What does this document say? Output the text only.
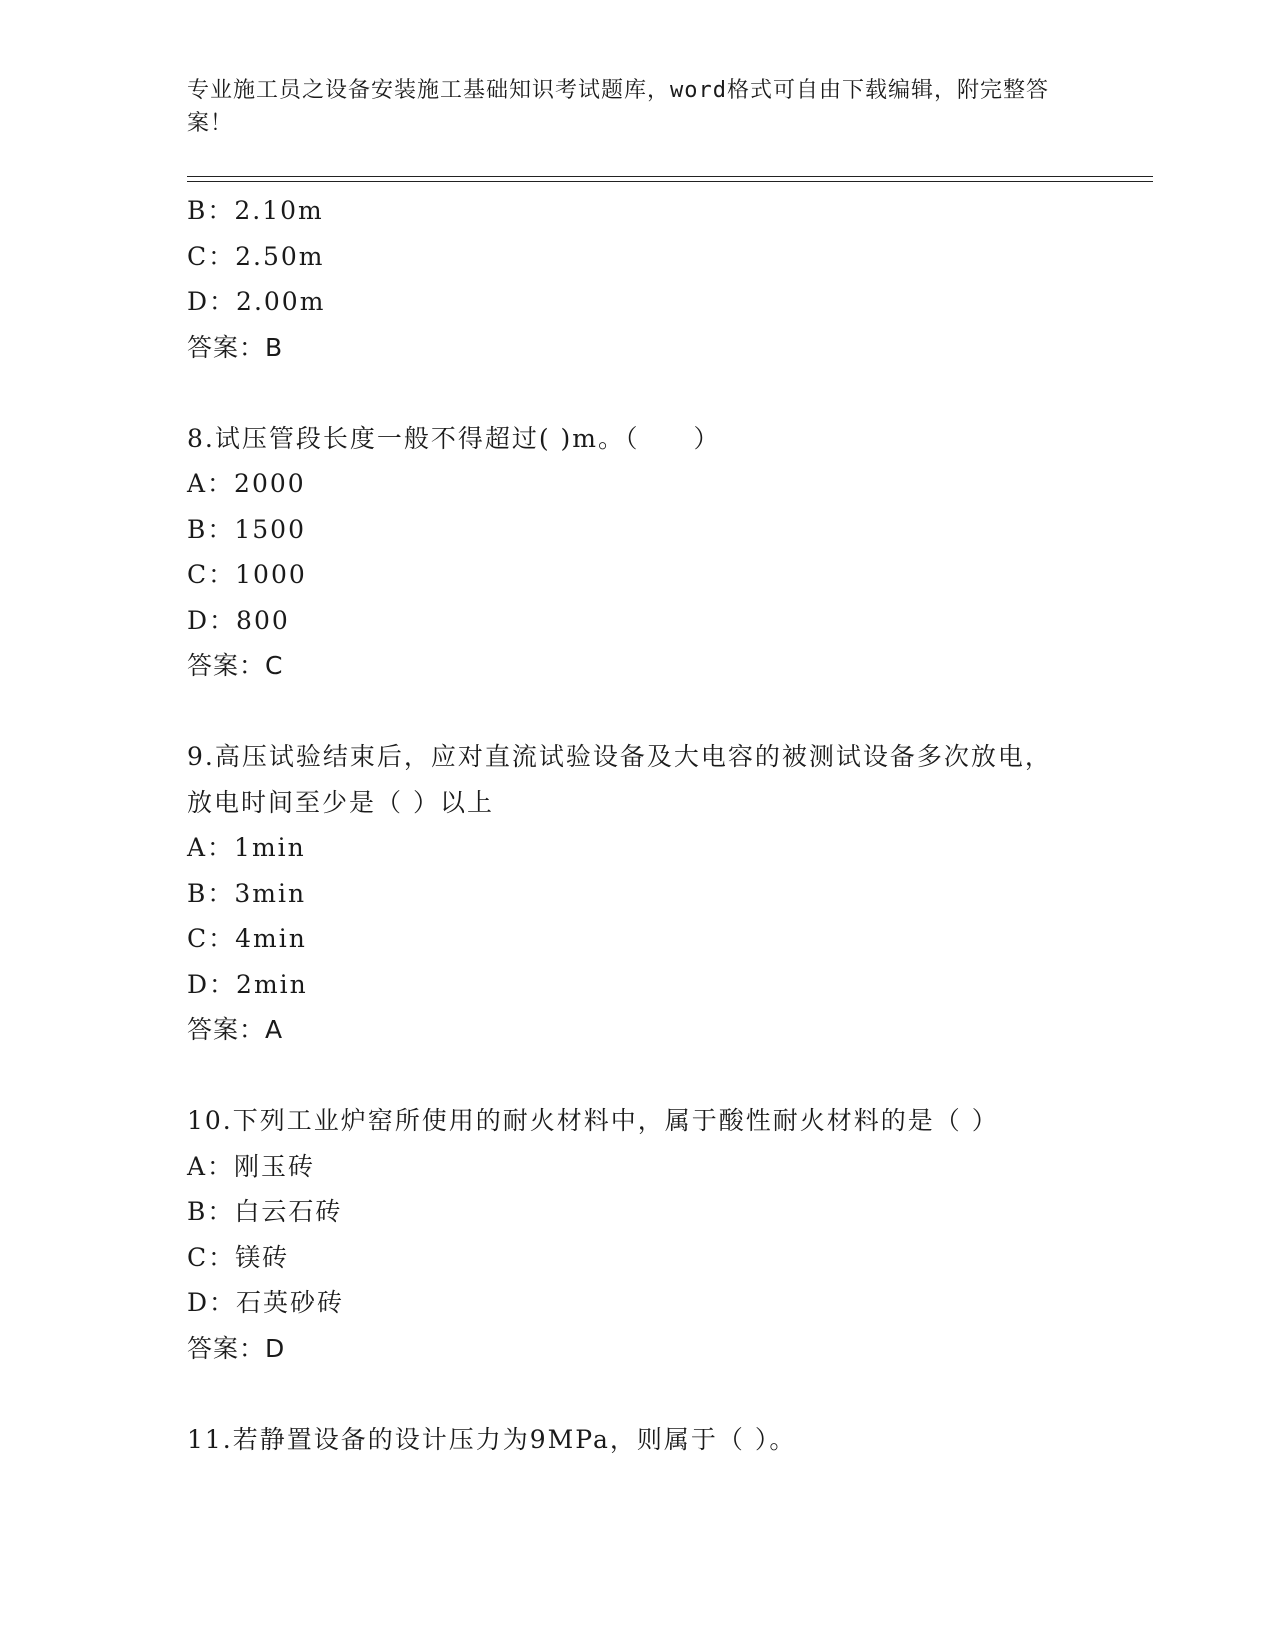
专业施工员之设备安装施工基础知识考试题库，word格式可自由下载编辑，附完整答案！
B：2.10m
C：2.50m
D：2.00m
答案：B
8.试压管段长度一般不得超过( )m。（　　）
A：2000
B：1500
C：1000
D：800
答案：C
9.高压试验结束后，应对直流试验设备及大电容的被测试设备多次放电，放电时间至少是（ ）以上
A：1min
B：3min
C：4min
D：2min
答案：A
10.下列工业炉窑所使用的耐火材料中，属于酸性耐火材料的是（ ）
A：刚玉砖
B：白云石砖
C：镁砖
D：石英砂砖
答案：D
11.若静置设备的设计压力为9MPa，则属于（ ）。
